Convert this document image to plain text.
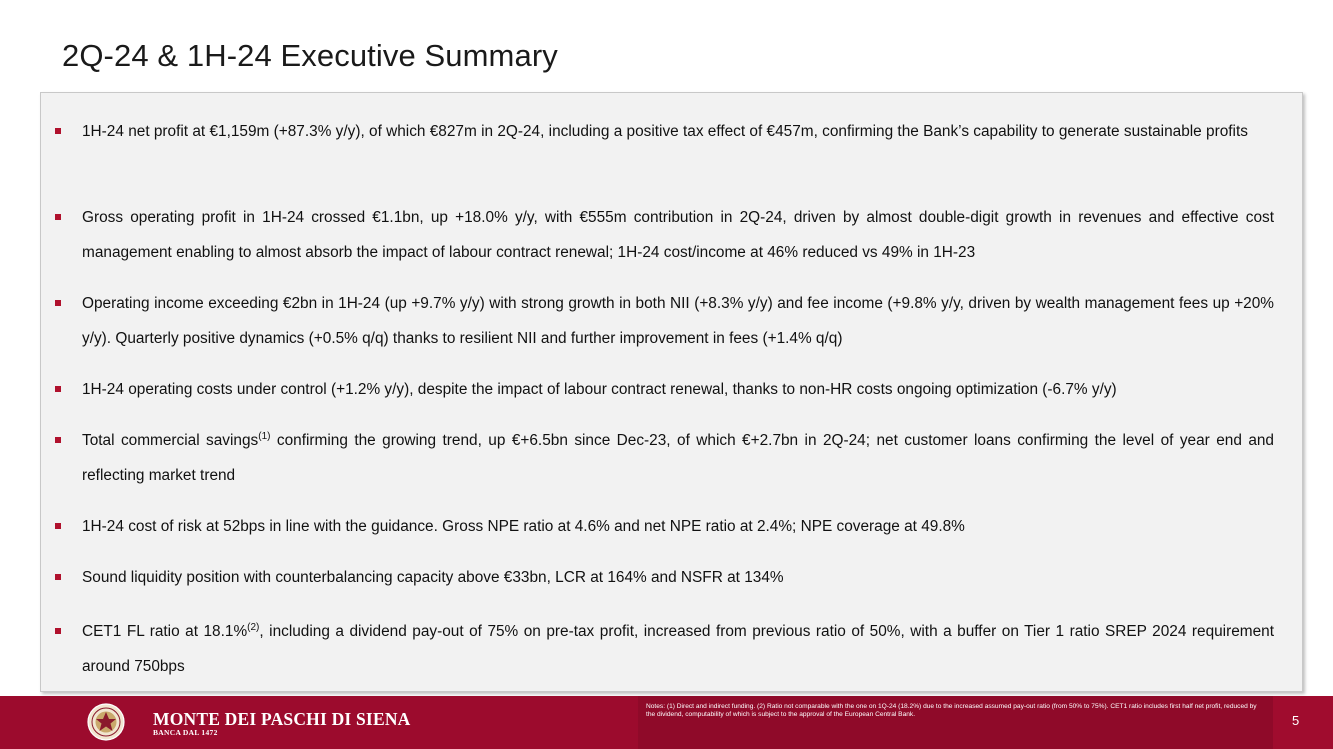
2Q-24 & 1H-24 Executive Summary
1H-24 net profit at €1,159m (+87.3% y/y), of which €827m in 2Q-24, including a positive tax effect of €457m, confirming the Bank’s capability to generate sustainable profits
Gross operating profit in 1H-24 crossed €1.1bn, up +18.0% y/y, with €555m contribution in 2Q-24, driven by almost double-digit growth in revenues and effective cost management enabling to almost absorb the impact of labour contract renewal; 1H-24 cost/income at 46% reduced vs 49% in 1H-23
Operating income exceeding €2bn in 1H-24 (up +9.7% y/y) with strong growth in both NII (+8.3% y/y) and fee income (+9.8% y/y, driven by wealth management fees up +20% y/y). Quarterly positive dynamics (+0.5% q/q) thanks to resilient NII and further improvement in fees (+1.4% q/q)
1H-24 operating costs under control (+1.2% y/y), despite the impact of labour contract renewal, thanks to non-HR costs ongoing optimization (-6.7% y/y)
Total commercial savings$^{(1)}$ confirming the growing trend, up €+6.5bn since Dec-23, of which €+2.7bn in 2Q-24; net customer loans confirming the level of year end and reflecting market trend
1H-24 cost of risk at 52bps in line with the guidance. Gross NPE ratio at 4.6% and net NPE ratio at 2.4%; NPE coverage at 49.8%
Sound liquidity position with counterbalancing capacity above €33bn, LCR at 164% and NSFR at 134%
CET1 FL ratio at 18.1%$^{(2)}$, including a dividend pay-out of 75% on pre-tax profit, increased from previous ratio of 50%, with a buffer on Tier 1 ratio SREP 2024 requirement around 750bps
MONTE DEI PASCHI DI SIENA
BANCA DAL 1472
Notes: (1) Direct and indirect funding. (2) Ratio not comparable with the one on 1Q-24 (18.2%) due to the increased assumed pay-out ratio (from 50% to 75%). CET1 ratio includes first half net profit, reduced by the dividend, computability of which is subject to the approval of the European Central Bank.	5
